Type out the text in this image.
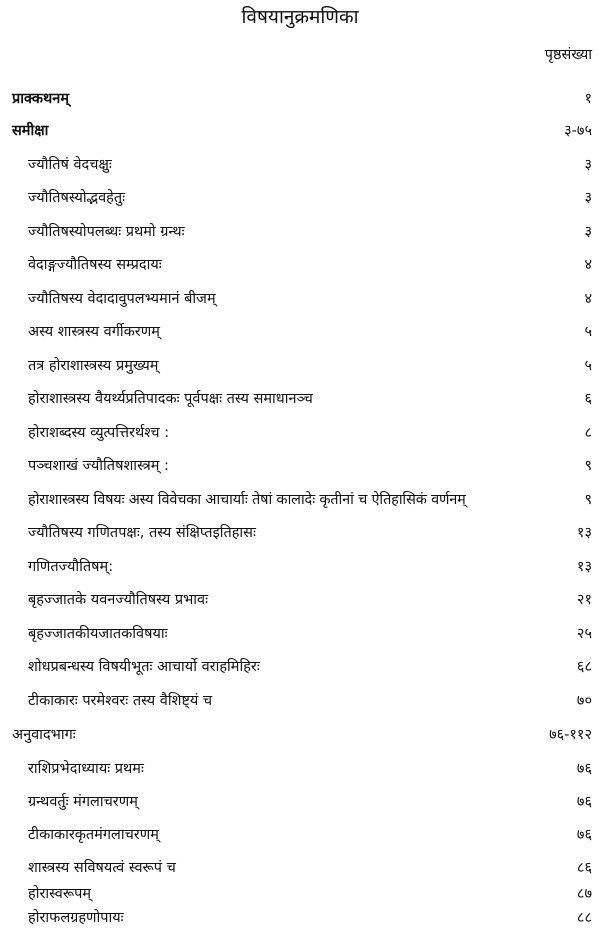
विषयानुक्रमणिका
पृष्ठसंख्या
प्राक्कथनम्	१
समीक्षा	३-७५
ज्यौतिषं वेदचक्षुः	३
ज्यौतिषस्योद्भवहेतुः	३
ज्यौतिषस्योपलब्धः प्रथमो ग्रन्थः	३
वेदाङ्गज्यौतिषस्य सम्प्रदायः	४
ज्यौतिषस्य वेदादावुपलभ्यमानं बीजम्	४
अस्य शास्त्रस्य वर्गीकरणम्	५
तत्र होराशास्त्रस्य प्रमुख्यम्	५
होराशास्त्रस्य वैयर्थ्यप्रतिपादकः पूर्वपक्षः तस्य समाधानञ्च	६
होराशब्दस्य व्युत्पत्तिरर्थश्च :	८
पञ्चशाखं ज्यौतिषशास्त्रम् :	९
होराशास्त्रस्य विषयः अस्य विवेचका आचार्याः तेषां कालादेः कृतीनां च ऐतिहासिकं वर्णनम्	९
ज्यौतिषस्य गणितपक्षः, तस्य संक्षिप्तइतिहासः	१३
गणितज्यौतिषम्:	१३
बृहज्जातके यवनज्यौतिषस्य प्रभावः	२१
बृहज्जातकीयजातकविषयाः	२५
शोधप्रबन्धस्य विषयीभूतः आचार्यो वराहमिहिरः	६८
टीकाकारः परमेश्वरः तस्य वैशिष्ट्यं च	७०
अनुवादभागः	७६-११२
राशिप्रभेदाध्यायः प्रथमः	७६
ग्रन्थवर्तुः मंगलाचरणम्	७६
टीकाकारकृतमंगलाचरणम्	७६
शास्त्रस्य सविषयत्वं स्वरूपं च	८६
होरास्वरूपम्	८७
होराफलग्रहणोपायः	८८
